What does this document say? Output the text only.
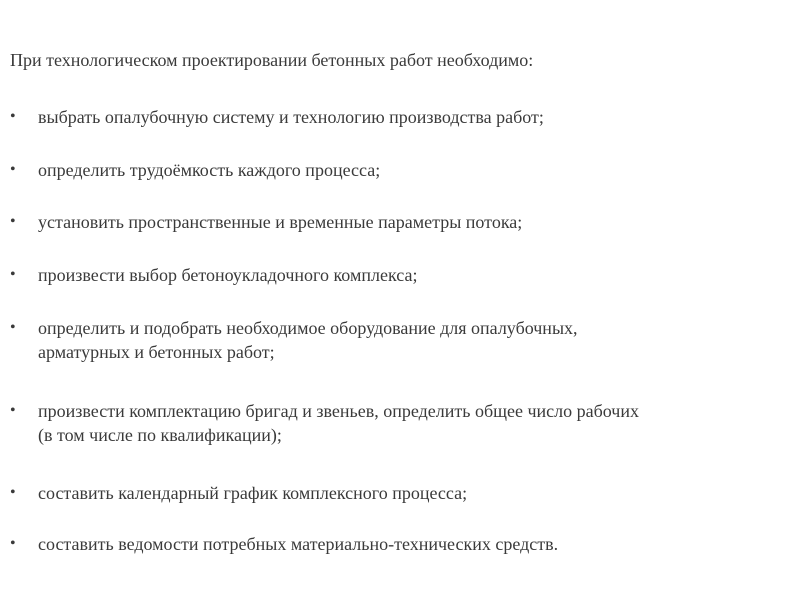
При технологическом проектировании бетонных работ необходимо:
•	выбрать опалубочную систему и технологию производства работ;
•	определить трудоёмкость каждого процесса;
•	установить пространственные и временные параметры потока;
•	произвести выбор бетоноукладочного комплекса;
•	определить и подобрать необходимое оборудование для опалубочных,
арматурных и бетонных работ;
•	произвести комплектацию бригад и звеньев, определить общее число рабочих
(в том числе по квалификации);
•	составить календарный график комплексного процесса;
•	составить ведомости потребных материально-технических средств.
